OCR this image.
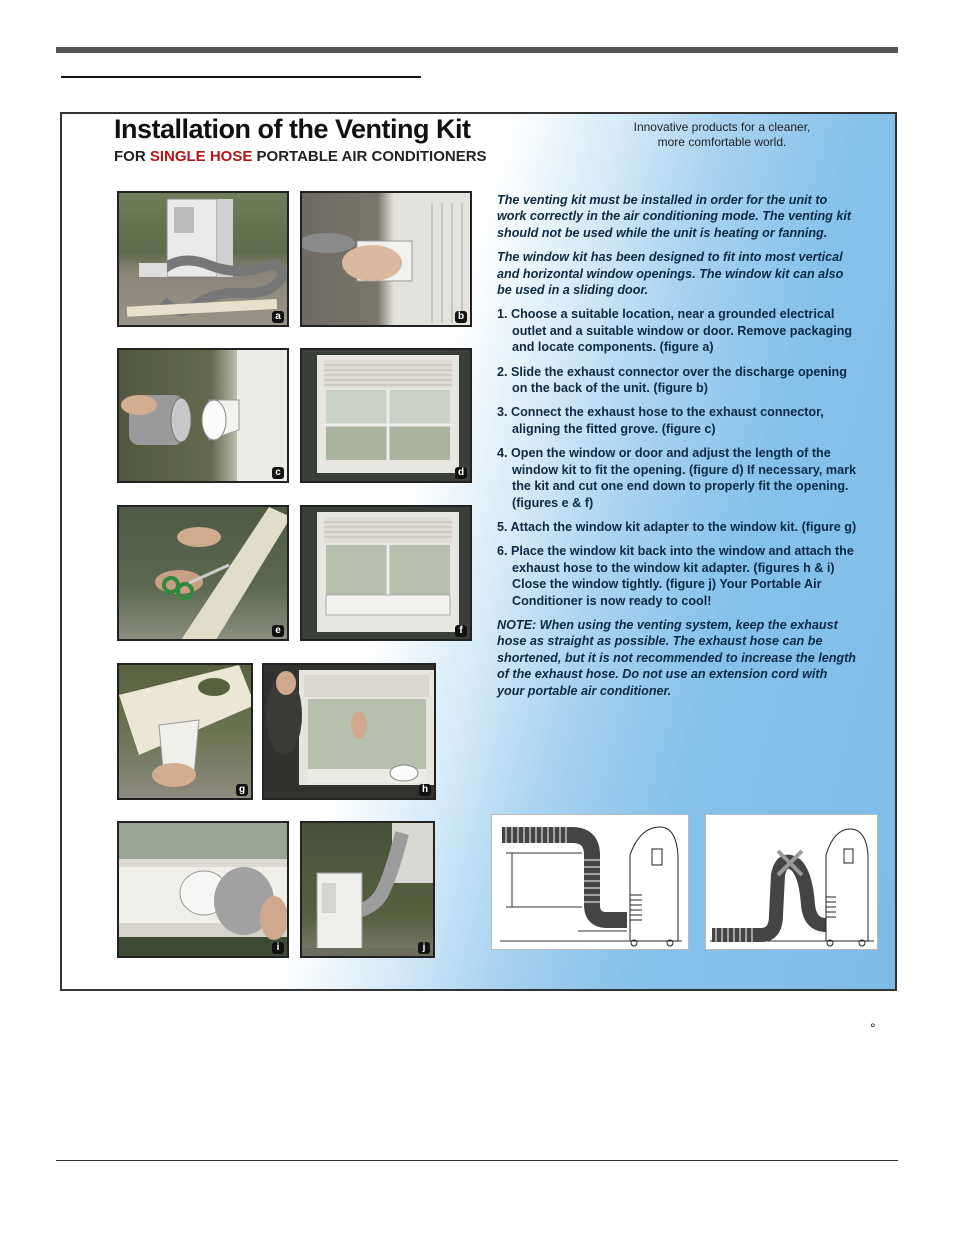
Installation of the Venting Kit
FOR SINGLE HOSE PORTABLE AIR CONDITIONERS
Innovative products for a cleaner,
more comfortable world.
a	b
c	d
e	f
g	h
i	j

The venting kit must be installed in order for the unit to work correctly in the air conditioning mode. The venting kit should not be used while the unit is heating or fanning.

The window kit has been designed to fit into most vertical and horizontal window openings. The window kit can also be used in a sliding door.

1. Choose a suitable location, near a grounded electrical outlet and a suitable window or door. Remove packaging and locate components. (figure a)
2. Slide the exhaust connector over the discharge opening on the back of the unit. (figure b)
3. Connect the exhaust hose to the exhaust connector, aligning the fitted grove. (figure c)
4. Open the window or door and adjust the length of the window kit to fit the opening. (figure d) If necessary, mark the kit and cut one end down to properly fit the opening. (figures e & f)
5. Attach the window kit adapter to the window kit. (figure g)
6. Place the window kit back into the window and attach the exhaust hose to the window kit adapter. (figures h & i) Close the window tightly. (figure j) Your Portable Air Conditioner is now ready to cool!

NOTE: When using the venting system, keep the exhaust hose as straight as possible. The exhaust hose can be shortened, but it is not recommended to increase the length of the exhaust hose. Do not use an extension cord with your portable air conditioner.

°
